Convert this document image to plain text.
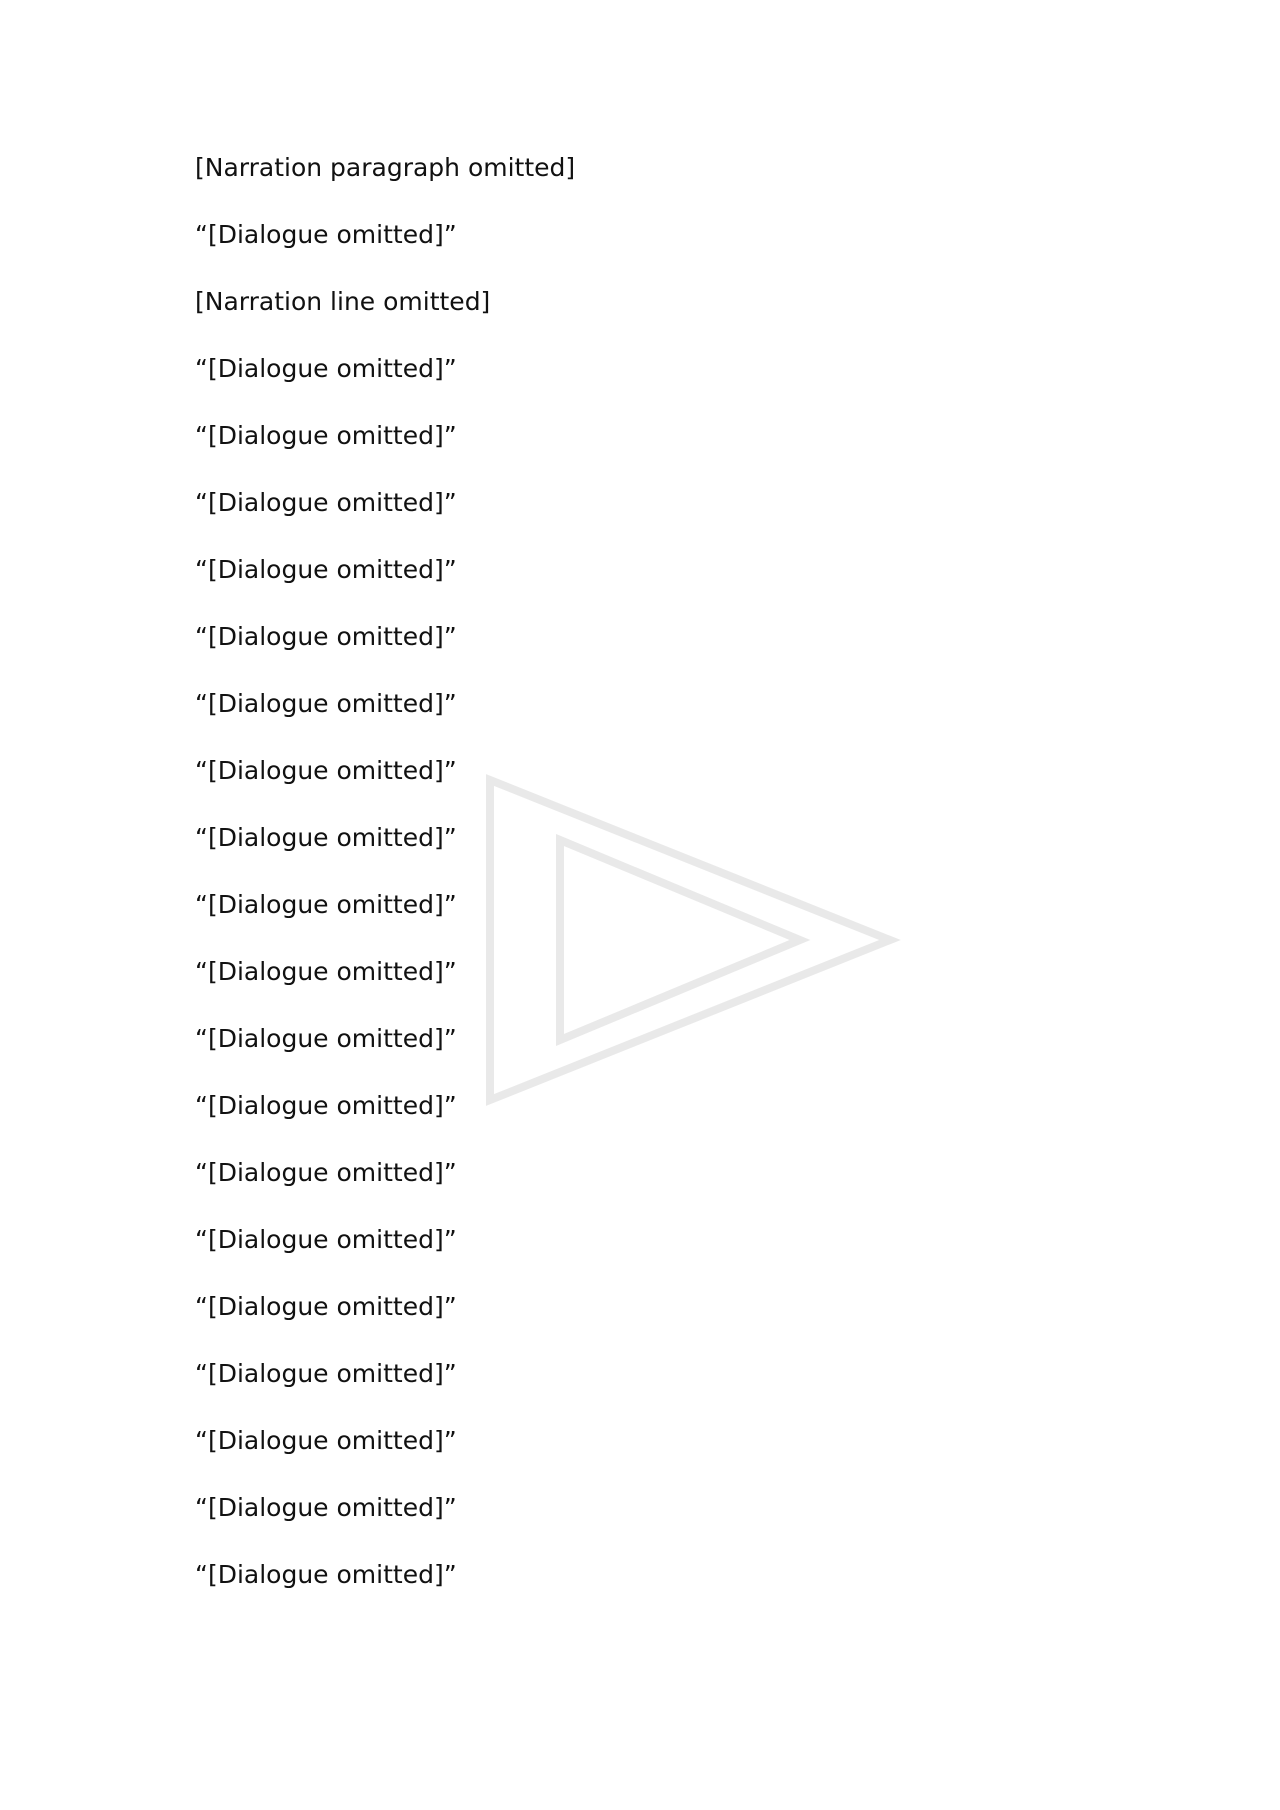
[Narration paragraph omitted]

“[Dialogue omitted]”

[Narration line omitted]

“[Dialogue omitted]”

“[Dialogue omitted]”

“[Dialogue omitted]”

“[Dialogue omitted]”

“[Dialogue omitted]”

“[Dialogue omitted]”

“[Dialogue omitted]”

“[Dialogue omitted]”

“[Dialogue omitted]”

“[Dialogue omitted]”

“[Dialogue omitted]”

“[Dialogue omitted]”

“[Dialogue omitted]”

“[Dialogue omitted]”

“[Dialogue omitted]”

“[Dialogue omitted]”

“[Dialogue omitted]”

“[Dialogue omitted]”

“[Dialogue omitted]”
